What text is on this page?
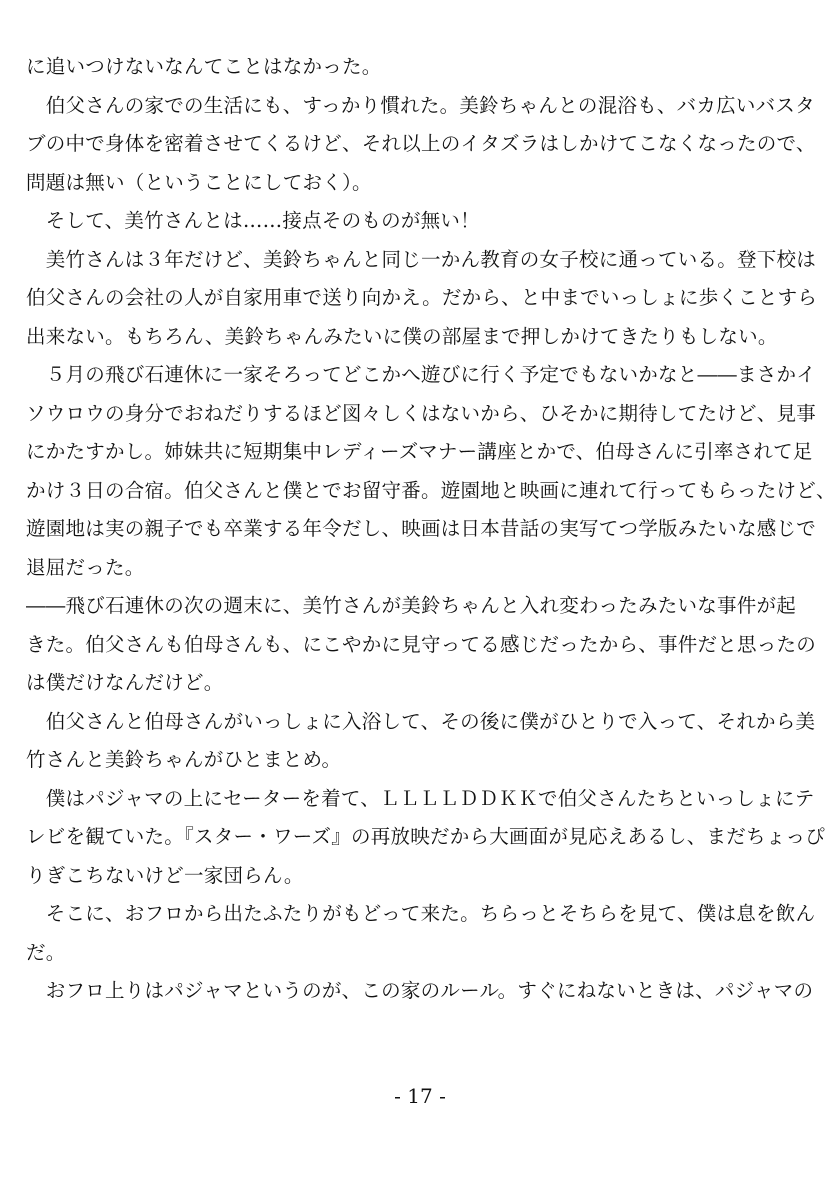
に追いつけないなんてことはなかった。

　伯父さんの家での生活にも、すっかり慣れた。美鈴ちゃんとの混浴も、バカ広いバスタ
ブの中で身体を密着させてくるけど、それ以上のイタズラはしかけてこなくなったので、
問題は無い（ということにしておく）。

　そして、美竹さんとは……接点そのものが無い！

　美竹さんは３年だけど、美鈴ちゃんと同じ一かん教育の女子校に通っている。登下校は
伯父さんの会社の人が自家用車で送り向かえ。だから、と中までいっしょに歩くことすら
出来ない。もちろん、美鈴ちゃんみたいに僕の部屋まで押しかけてきたりもしない。

　５月の飛び石連休に一家そろってどこかへ遊びに行く予定でもないかなと――まさかイ
ソウロウの身分でおねだりするほど図々しくはないから、ひそかに期待してたけど、見事
にかたすかし。姉妹共に短期集中レディーズマナー講座とかで、伯母さんに引率されて足
かけ３日の合宿。伯父さんと僕とでお留守番。遊園地と映画に連れて行ってもらったけど、
遊園地は実の親子でも卒業する年令だし、映画は日本昔話の実写てつ学版みたいな感じで
退屈だった。

――飛び石連休の次の週末に、美竹さんが美鈴ちゃんと入れ変わったみたいな事件が起
きた。伯父さんも伯母さんも、にこやかに見守ってる感じだったから、事件だと思ったの
は僕だけなんだけど。

　伯父さんと伯母さんがいっしょに入浴して、その後に僕がひとりで入って、それから美
竹さんと美鈴ちゃんがひとまとめ。

　僕はパジャマの上にセーターを着て、ＬＬＬＬＤＤＫＫで伯父さんたちといっしょにテ
レビを観ていた。『スター・ワーズ』の再放映だから大画面が見応えあるし、まだちょっぴ
りぎこちないけど一家団らん。

　そこに、おフロから出たふたりがもどって来た。ちらっとそちらを見て、僕は息を飲ん
だ。

　おフロ上りはパジャマというのが、この家のルール。すぐにねないときは、パジャマの

- 17 -
